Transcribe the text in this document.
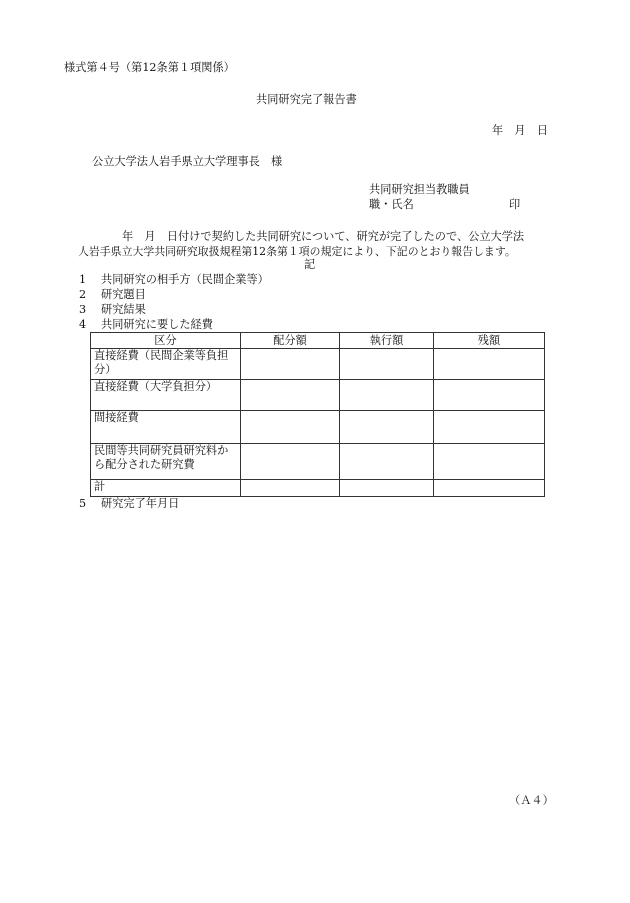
様式第４号（第12条第１項関係）
共同研究完了報告書
年　月　日
公立大学法人岩手県立大学理事長　様
共同研究担当教職員
職・氏名	印
年　月　日付けで契約した共同研究について、研究が完了したので、公立大学法
人岩手県立大学共同研究取扱規程第12条第１項の規定により、下記のとおり報告します。
記
1 共同研究の相手方（民間企業等）
2 研究題目
3 研究結果
4 共同研究に要した経費
区分	配分額	執行額	残額
直接経費（民間企業等負担分）			
直接経費（大学負担分）			
間接経費			
民間等共同研究員研究料から配分された研究費			
計			
5 研究完了年月日
（Ａ４）
